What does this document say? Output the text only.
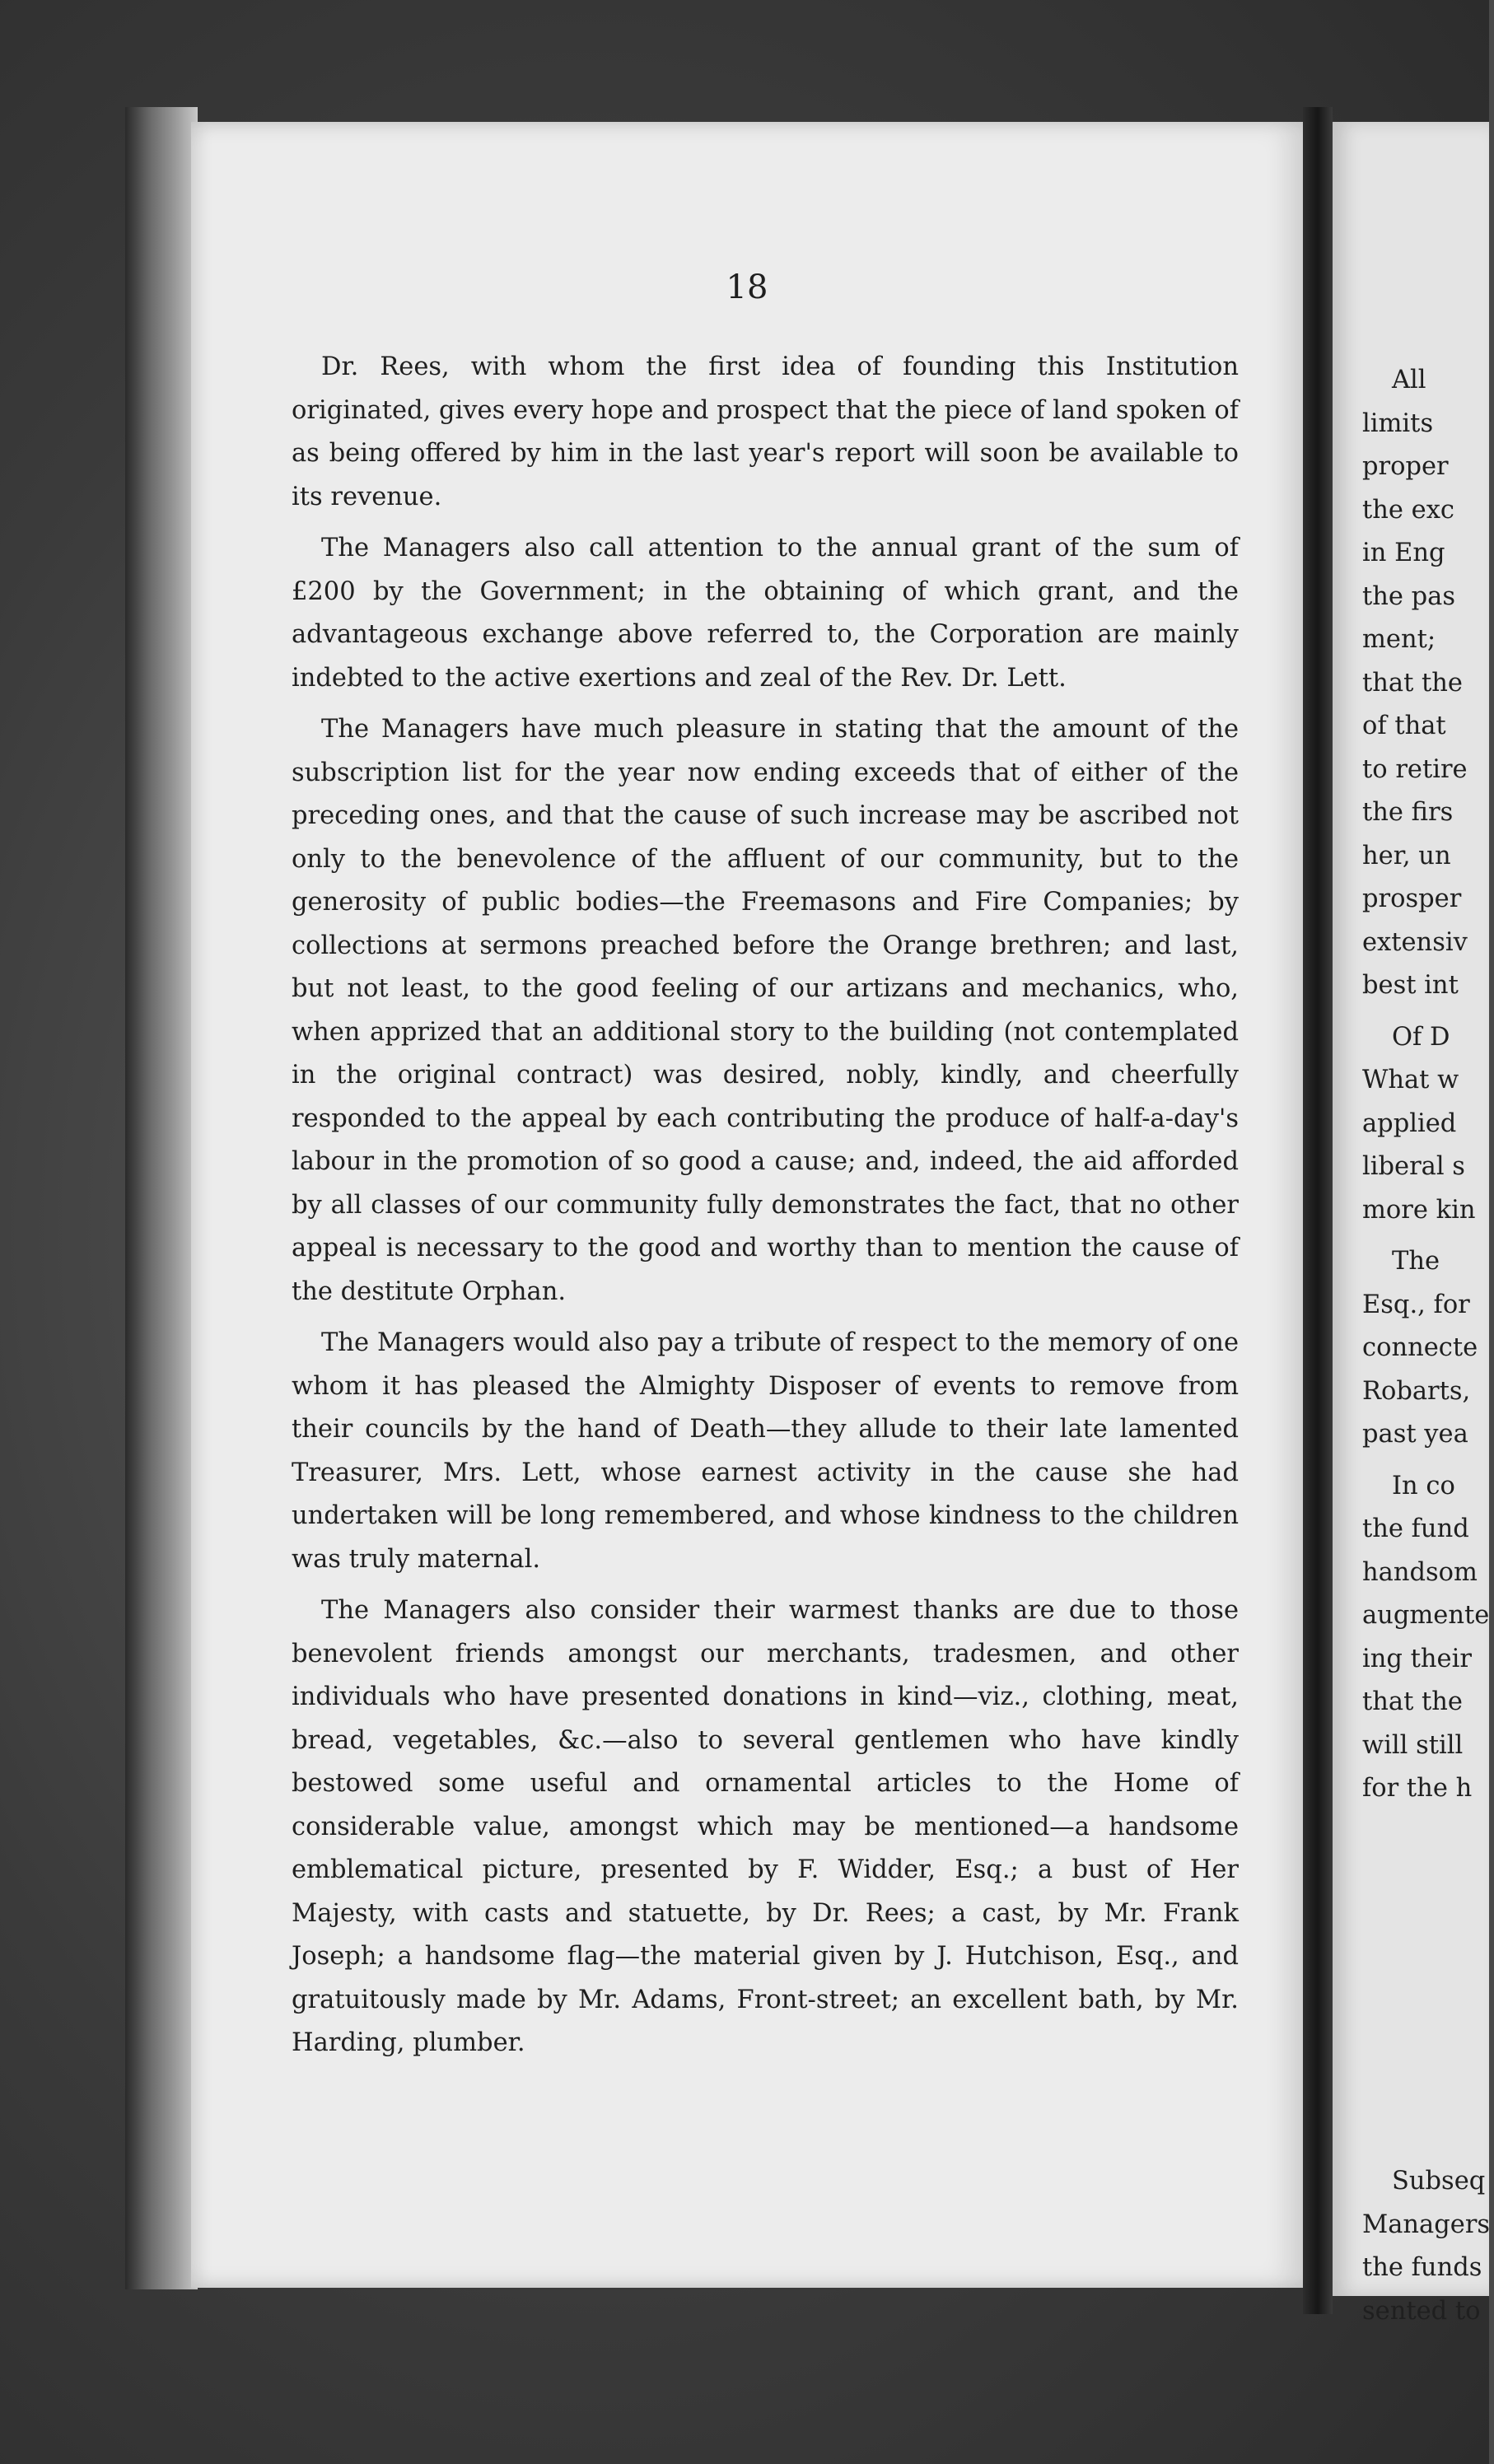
18

Dr. Rees, with whom the first idea of founding this Institution originated, gives every hope and prospect that the piece of land spoken of as being offered by him in the last year's report will soon be available to its revenue.

The Managers also call attention to the annual grant of the sum of £200 by the Government; in the obtaining of which grant, and the advantageous exchange above referred to, the Corporation are mainly indebted to the active exertions and zeal of the Rev. Dr. Lett.

The Managers have much pleasure in stating that the amount of the subscription list for the year now ending exceeds that of either of the preceding ones, and that the cause of such increase may be ascribed not only to the benevolence of the affluent of our community, but to the generosity of public bodies—the Freemasons and Fire Companies; by collections at sermons preached before the Orange brethren; and last, but not least, to the good feeling of our artizans and mechanics, who, when apprized that an additional story to the building (not contemplated in the original contract) was desired, nobly, kindly, and cheerfully responded to the appeal by each contributing the produce of half-a-day's labour in the promotion of so good a cause; and, indeed, the aid afforded by all classes of our community fully demonstrates the fact, that no other appeal is necessary to the good and worthy than to mention the cause of the destitute Orphan.

The Managers would also pay a tribute of respect to the memory of one whom it has pleased the Almighty Disposer of events to remove from their councils by the hand of Death—they allude to their late lamented Treasurer, Mrs. Lett, whose earnest activity in the cause she had undertaken will be long remembered, and whose kindness to the children was truly maternal.

The Managers also consider their warmest thanks are due to those benevolent friends amongst our merchants, tradesmen, and other individuals who have presented donations in kind—viz., clothing, meat, bread, vegetables, &c.—also to several gentlemen who have kindly bestowed some useful and ornamental articles to the Home of considerable value, amongst which may be mentioned—a handsome emblematical picture, presented by F. Widder, Esq.; a bust of Her Majesty, with casts and statuette, by Dr. Rees; a cast, by Mr. Frank Joseph; a handsome flag—the material given by J. Hutchison, Esq., and gratuitously made by Mr. Adams, Front-street; an excellent bath, by Mr. Harding, plumber.

All
limits
proper
the exc
in Eng
the pas
ment;
that the
of that
to retire
the firs
her, un
prosper
extensiv
best int
Of D
What w
applied
liberal s
more kin
The
Esq., for
connecte
Robarts,
past yea
In co
the fund
handsom
augmente
ing their
that the
will still
for the h
Subseq
Managers
the funds
sented to
